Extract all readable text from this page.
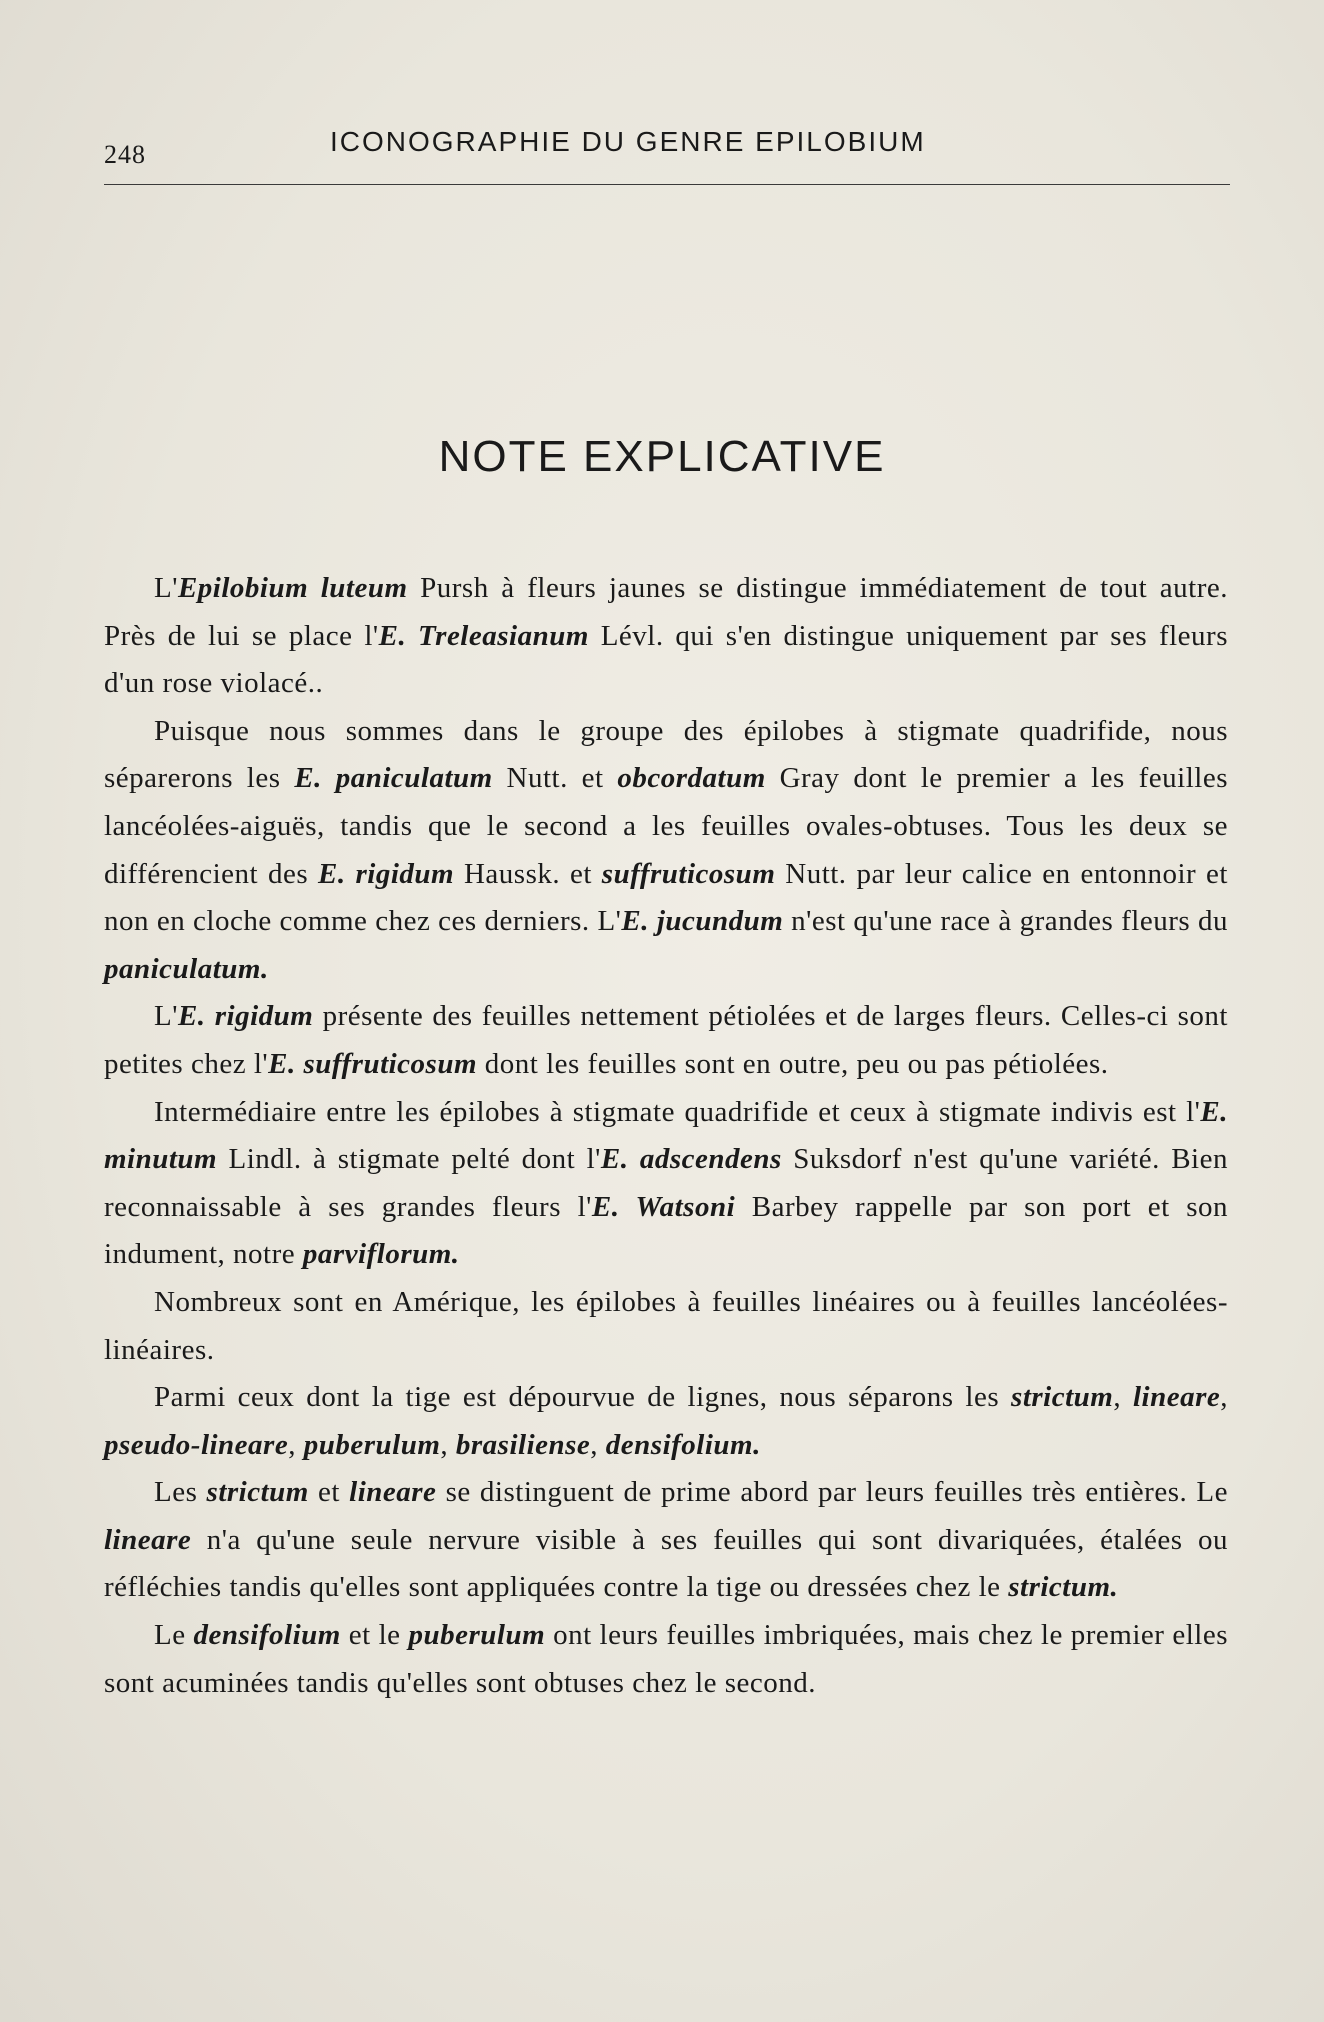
248	ICONOGRAPHIE DU GENRE EPILOBIUM
NOTE EXPLICATIVE

L'Epilobium luteum Pursh à fleurs jaunes se distingue immédiatement de tout autre. Près de lui se place l'E. Treleasianum Lévl. qui s'en distingue uniquement par ses fleurs d'un rose violacé..

Puisque nous sommes dans le groupe des épilobes à stigmate quadrifide, nous séparerons les E. paniculatum Nutt. et obcordatum Gray dont le premier a les feuilles lancéolées-aiguës, tandis que le second a les feuilles ovales-obtuses. Tous les deux se différencient des E. rigidum Haussk. et suffruticosum Nutt. par leur calice en entonnoir et non en cloche comme chez ces derniers. L'E. jucundum n'est qu'une race à grandes fleurs du paniculatum.

L'E. rigidum présente des feuilles nettement pétiolées et de larges fleurs. Celles-ci sont petites chez l'E. suffruticosum dont les feuilles sont en outre, peu ou pas pétiolées.

Intermédiaire entre les épilobes à stigmate quadrifide et ceux à stigmate indivis est l'E. minutum Lindl. à stigmate pelté dont l'E. adscendens Suksdorf n'est qu'une variété. Bien reconnaissable à ses grandes fleurs l'E. Watsoni Barbey rappelle par son port et son indument, notre parviflorum.

Nombreux sont en Amérique, les épilobes à feuilles linéaires ou à feuilles lancéolées-linéaires.

Parmi ceux dont la tige est dépourvue de lignes, nous séparons les strictum, lineare, pseudo-lineare, puberulum, brasiliense, densifolium.

Les strictum et lineare se distinguent de prime abord par leurs feuilles très entières. Le lineare n'a qu'une seule nervure visible à ses feuilles qui sont divariquées, étalées ou réfléchies tandis qu'elles sont appliquées contre la tige ou dressées chez le strictum.

Le densifolium et le puberulum ont leurs feuilles imbriquées, mais chez le premier elles sont acuminées tandis qu'elles sont obtuses chez le second.
